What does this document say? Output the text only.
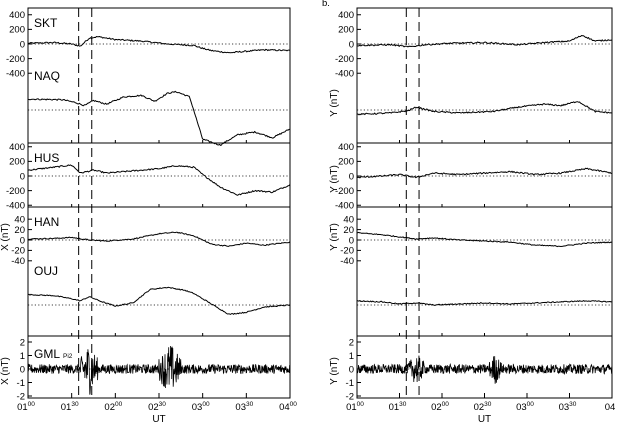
400
200
0
-200
-400
SKT
NAQ
400
200
0
-200
-400
HUS
40
20
0
-20
-40
HAN
OUJ
2
1
0
-1
-2
GML Pi2
X (nT)
X (nT)
$01^{00}$	$01^{30}$	$02^{00}$	$02^{30}$	$03^{00}$	$03^{30}$	$04^{00}$
UT
400
200
0
-200
-400
400
200
0
-200
-400
40
20
0
-20
-40
2
1
0
-1
-2
Y (nT)
Y (nT)
Y (nT)
Y (nT)
$01^{00}$	$01^{30}$	$02^{00}$	$02^{30}$	$03^{00}$	$03^{30}$	04
UT
b.
